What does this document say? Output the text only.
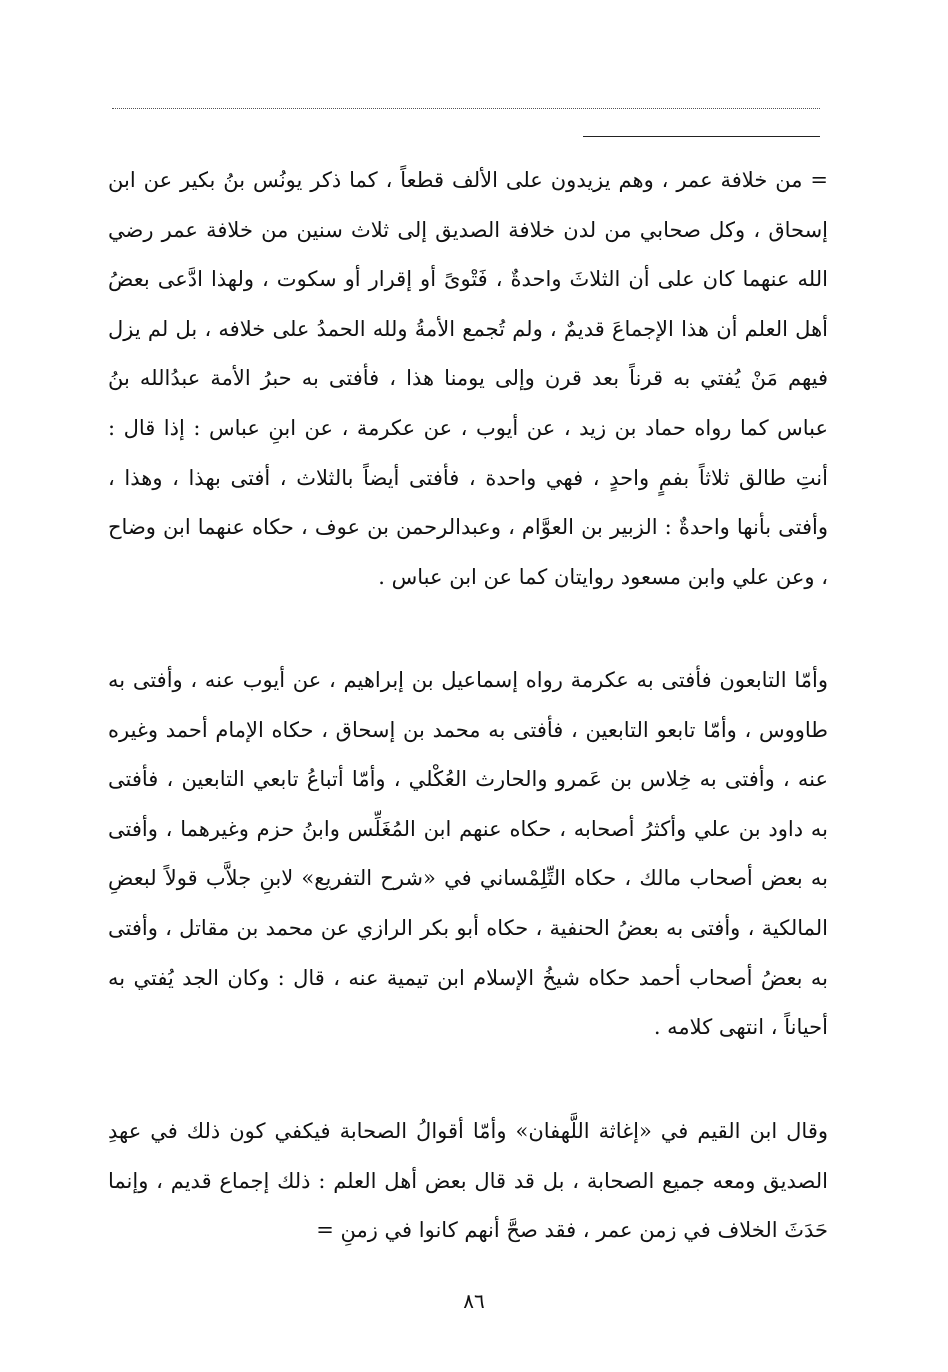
= من خلافة عمر ، وهم يزيدون على الألف قطعاً ، كما ذكر يونُس بنُ بكير عن ابن إسحاق ، وكل صحابي من لدن خلافة الصديق إلى ثلاث سنين من خلافة عمر رضي الله عنهما كان على أن الثلاثَ واحدةٌ ، فَتْوىً أو إقرار أو سكوت ، ولهذا ادَّعى بعضُ أهل العلم أن هذا الإجماعَ قديمٌ ، ولم تُجمع الأمةُ ولله الحمدُ على خلافه ، بل لم يزل فيهم مَنْ يُفتي به قرناً بعد قرن وإلى يومنا هذا ، فأفتى به حبرُ الأمة عبدُالله بنُ عباس كما رواه حماد بن زيد ، عن أيوب ، عن عكرمة ، عن ابنِ عباس : إذا قال : أنتِ طالق ثلاثاً بفمٍ واحدٍ ، فهي واحدة ، فأفتى أيضاً بالثلاث ، أفتى بهذا ، وهذا ، وأفتى بأنها واحدةٌ : الزبير بن العوَّام ، وعبدالرحمن بن عوف ، حكاه عنهما ابن وضاح ، وعن علي وابن مسعود روايتان كما عن ابن عباس .
وأمّا التابعون فأفتى به عكرمة رواه إسماعيل بن إبراهيم ، عن أيوب عنه ، وأفتى به طاووس ، وأمّا تابعو التابعين ، فأفتى به محمد بن إسحاق ، حكاه الإمام أحمد وغيره عنه ، وأفتى به خِلاس بن عَمرو والحارث العُكْلي ، وأمّا أتباعُ تابعي التابعين ، فأفتى به داود بن علي وأكثرُ أصحابه ، حكاه عنهم ابن المُغَلِّس وابنُ حزم وغيرهما ، وأفتى به بعض أصحاب مالك ، حكاه التِّلِمْساني في «شرح التفريع» لابنِ جلاَّب قولاً لبعضِ المالكية ، وأفتى به بعضُ الحنفية ، حكاه أبو بكر الرازي عن محمد بن مقاتل ، وأفتى به بعضُ أصحاب أحمد حكاه شيخُ الإسلام ابن تيمية عنه ، قال : وكان الجد يُفتي به أحياناً ، انتهى كلامه .
وقال ابن القيم في «إغاثة اللَّهفان» وأمّا أقوالُ الصحابة فيكفي كون ذلك في عهدِ الصديق ومعه جميع الصحابة ، بل قد قال بعض أهل العلم : ذلك إجماع قديم ، وإنما حَدَثَ الخلاف في زمن عمر ، فقد صحَّ أنهم كانوا في زمنِ =
٨٦
